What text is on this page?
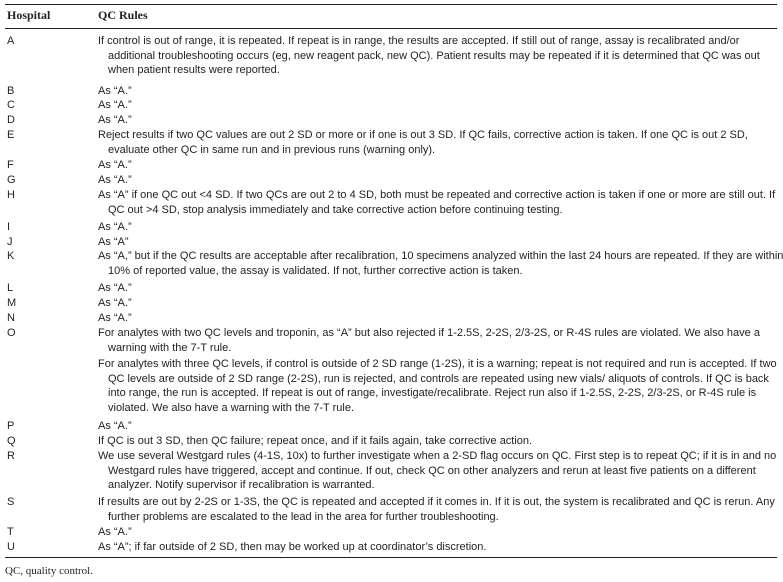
Hospital	QC Rules
A	If control is out of range, it is repeated. If repeat is in range, the results are accepted. If still out of range, assay is recalibrated and/or additional troubleshooting occurs (eg, new reagent pack, new QC). Patient results may be repeated if it is determined that QC was out when patient results were reported.
B	As “A.”
C	As “A.”
D	As “A.”
E	Reject results if two QC values are out 2 SD or more or if one is out 3 SD. If QC fails, corrective action is taken. If one QC is out 2 SD, evaluate other QC in same run and in previous runs (warning only).
F	As “A.”
G	As “A.”
H	As “A” if one QC out <4 SD. If two QCs are out 2 to 4 SD, both must be repeated and corrective action is taken if one or more are still out. If QC out >4 SD, stop analysis immediately and take corrective action before continuing testing.
I	As “A.”
J	As “A”
K	As “A,” but if the QC results are acceptable after recalibration, 10 specimens analyzed within the last 24 hours are repeated. If they are within 10% of reported value, the assay is validated. If not, further corrective action is taken.
L	As “A.”
M	As “A.”
N	As “A.”
O	For analytes with two QC levels and troponin, as “A” but also rejected if 1-2.5S, 2-2S, 2/3-2S, or R-4S rules are violated. We also have a warning with the 7-T rule.
For analytes with three QC levels, if control is outside of 2 SD range (1-2S), it is a warning; repeat is not required and run is accepted. If two QC levels are outside of 2 SD range (2-2S), run is rejected, and controls are repeated using new vials/ aliquots of controls. If QC is back into range, the run is accepted. If repeat is out of range, investigate/recalibrate. Reject run also if 1-2.5S, 2-2S, 2/3-2S, or R-4S rule is violated. We also have a warning with the 7-T rule.
P	As “A.”
Q	If QC is out 3 SD, then QC failure; repeat once, and if it fails again, take corrective action.
R	We use several Westgard rules (4-1S, 10x) to further investigate when a 2-SD flag occurs on QC. First step is to repeat QC; if it is in and no Westgard rules have triggered, accept and continue. If out, check QC on other analyzers and rerun at least five patients on a different analyzer. Notify supervisor if recalibration is warranted.
S	If results are out by 2-2S or 1-3S, the QC is repeated and accepted if it comes in. If it is out, the system is recalibrated and QC is rerun. Any further problems are escalated to the lead in the area for further troubleshooting.
T	As “A.”
U	As “A”; if far outside of 2 SD, then may be worked up at coordinator’s discretion.
QC, quality control.
